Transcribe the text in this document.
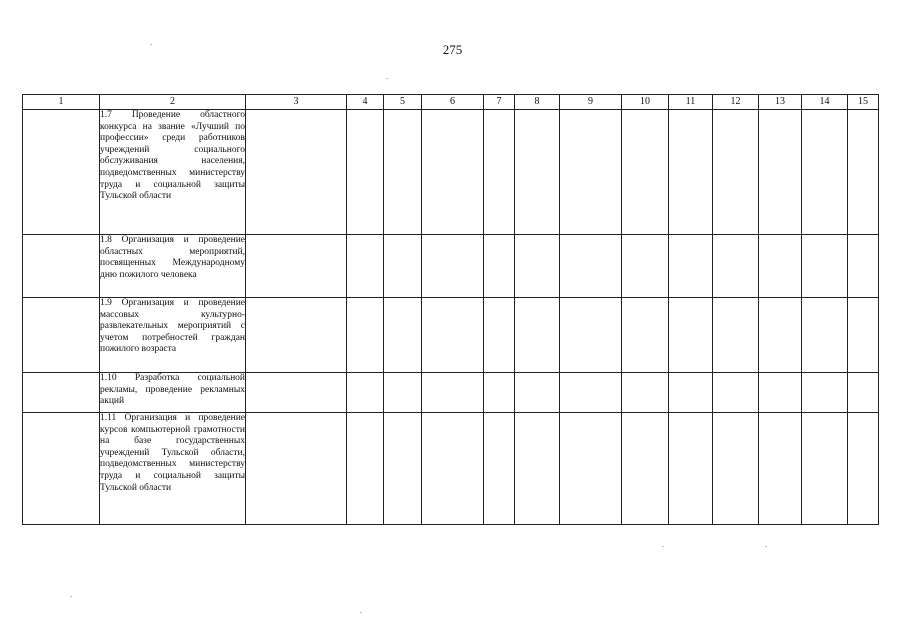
275
1	2	3	4	5	6	7	8	9	10	11	12	13	14	15

	1.7 Проведение областного конкурса на звание «Лучший по профессии» среди работников учреждений социального обслуживания населения, подведомственных министерству труда и социальной защиты Тульской области													

	1.8 Организация и проведение областных мероприятий, посвященных Международному дню пожилого человека													

	1.9 Организация и проведение массовых культурно-развлекательных мероприятий с учетом потребностей граждан пожилого возраста													

	1.10 Разработка социальной рекламы, проведение рекламных акций													

	1.11 Организация и проведение курсов компьютерной грамотности на базе государственных учреждений Тульской области, подведомственных министерству труда и социальной защиты Тульской области													
